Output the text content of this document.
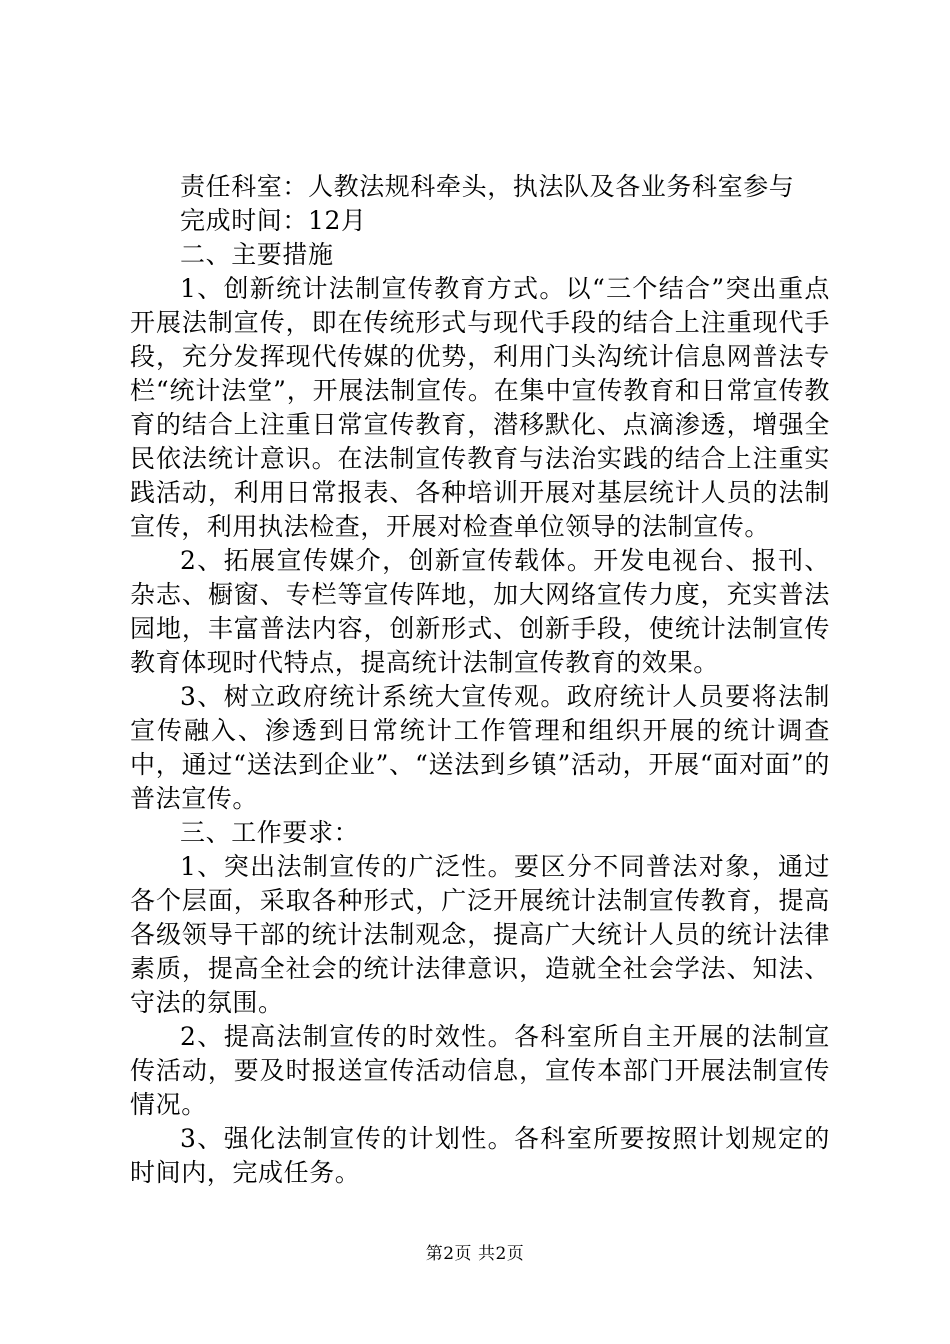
责任科室：人教法规科牵头，执法队及各业务科室参与

完成时间：12月

二、主要措施

1、创新统计法制宣传教育方式。以“三个结合”突出重点开展法制宣传，即在传统形式与现代手段的结合上注重现代手段，充分发挥现代传媒的优势，利用门头沟统计信息网普法专栏“统计法堂”，开展法制宣传。在集中宣传教育和日常宣传教育的结合上注重日常宣传教育，潜移默化、点滴渗透，增强全民依法统计意识。在法制宣传教育与法治实践的结合上注重实践活动，利用日常报表、各种培训开展对基层统计人员的法制宣传，利用执法检查，开展对检查单位领导的法制宣传。

2、拓展宣传媒介，创新宣传载体。开发电视台、报刊、杂志、橱窗、专栏等宣传阵地，加大网络宣传力度，充实普法园地，丰富普法内容，创新形式、创新手段，使统计法制宣传教育体现时代特点，提高统计法制宣传教育的效果。

3、树立政府统计系统大宣传观。政府统计人员要将法制宣传融入、渗透到日常统计工作管理和组织开展的统计调查中，通过“送法到企业”、“送法到乡镇”活动，开展“面对面”的普法宣传。

三、工作要求：

1、突出法制宣传的广泛性。要区分不同普法对象，通过各个层面，采取各种形式，广泛开展统计法制宣传教育，提高各级领导干部的统计法制观念，提高广大统计人员的统计法律素质，提高全社会的统计法律意识，造就全社会学法、知法、守法的氛围。

2、提高法制宣传的时效性。各科室所自主开展的法制宣传活动，要及时报送宣传活动信息，宣传本部门开展法制宣传情况。

3、强化法制宣传的计划性。各科室所要按照计划规定的时间内，完成任务。

第2页 共2页
